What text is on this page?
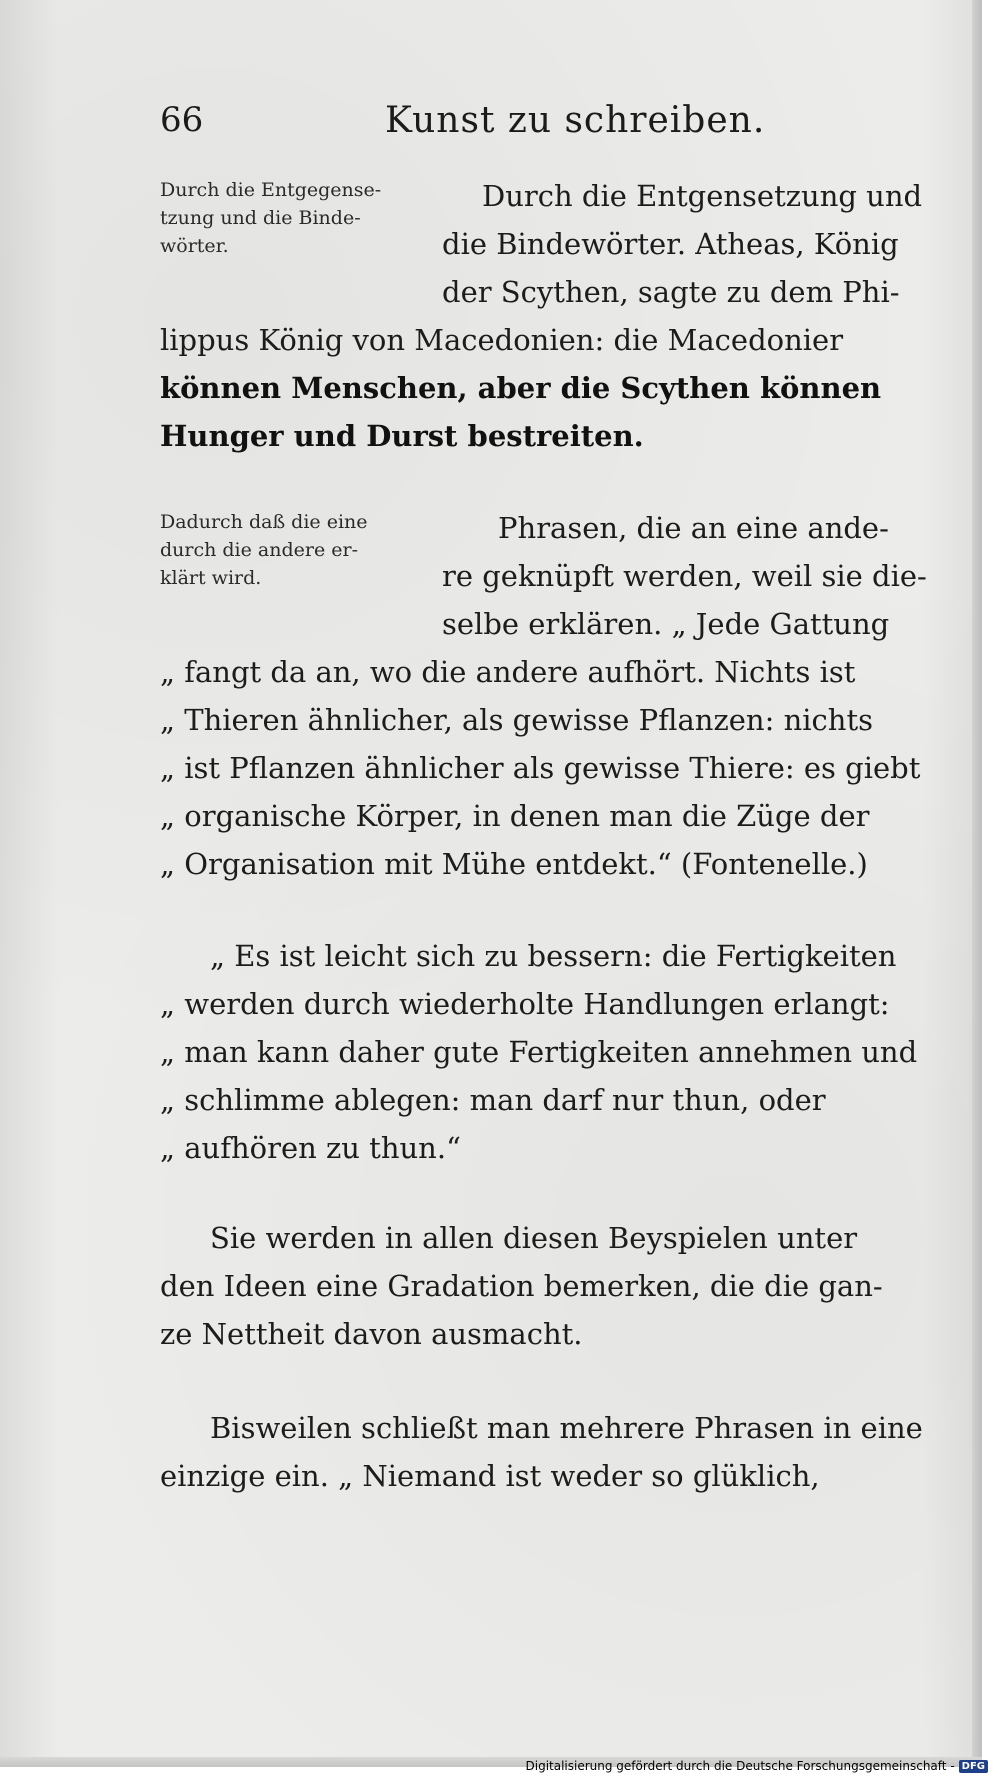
66	Kunst zu schreiben.
Durch die Entgegense-
tzung und die Binde-
wörter.
Durch die Entgensetzung und
die Bindewörter. Atheas, König
der Scythen, sagte zu dem Phi-
lippus König von Macedonien: die Macedonier
können Menschen, aber die Scythen können
Hunger und Durst bestreiten.
Dadurch daß die eine
durch die andere er-
klärt wird.
Phrasen, die an eine ande-
re geknüpft werden, weil sie die-
selbe erklären. „ Jede Gattung
„ fangt da an, wo die andere aufhört. Nichts ist
„ Thieren ähnlicher, als gewisse Pflanzen: nichts
„ ist Pflanzen ähnlicher als gewisse Thiere: es giebt
„ organische Körper, in denen man die Züge der
„ Organisation mit Mühe entdekt.“ (Fontenelle.)
„ Es ist leicht sich zu bessern: die Fertigkeiten
„ werden durch wiederholte Handlungen erlangt:
„ man kann daher gute Fertigkeiten annehmen und
„ schlimme ablegen: man darf nur thun, oder
„ aufhören zu thun.“
Sie werden in allen diesen Beyspielen unter
den Ideen eine Gradation bemerken, die die gan-
ze Nettheit davon ausmacht.
Bisweilen schließt man mehrere Phrasen in eine
einzige ein. „ Niemand ist weder so glüklich,
Digitalisierung gefördert durch die Deutsche Forschungsgemeinschaft - DFG
